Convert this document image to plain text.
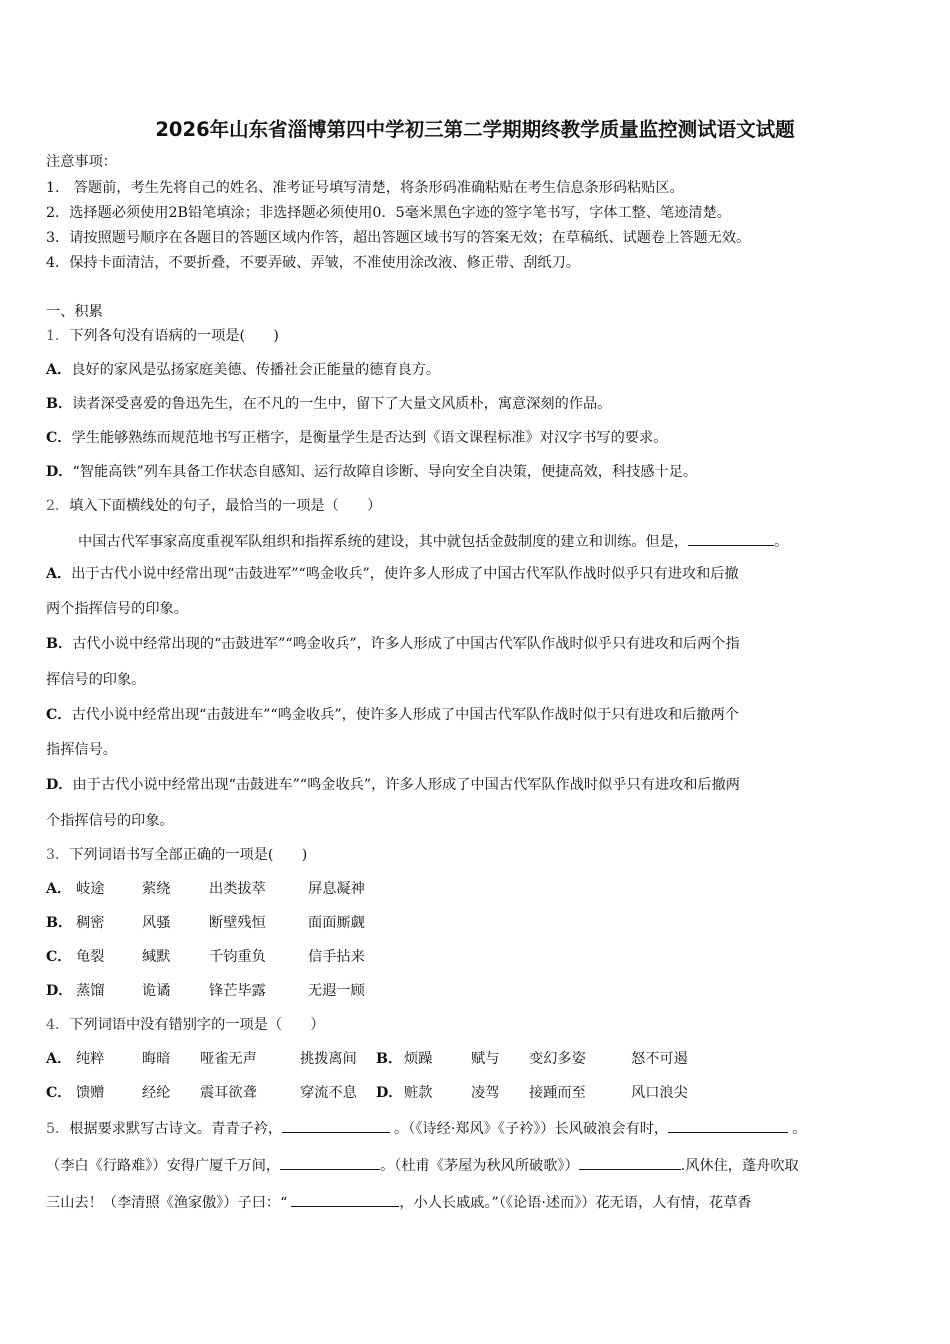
2026年山东省淄博第四中学初三第二学期期终教学质量监控测试语文试题
注意事项：
1.　答题前，考生先将自己的姓名、准考证号填写清楚，将条形码准确粘贴在考生信息条形码粘贴区。
2．选择题必须使用2B铅笔填涂；非选择题必须使用0．5毫米黑色字迹的签字笔书写，字体工整、笔迹清楚。
3．请按照题号顺序在各题目的答题区域内作答，超出答题区域书写的答案无效；在草稿纸、试题卷上答题无效。
4．保持卡面清洁，不要折叠，不要弄破、弄皱，不准使用涂改液、修正带、刮纸刀。
一、积累
1．下列各句没有语病的一项是(　　)
A．良好的家风是弘扬家庭美德、传播社会正能量的德育良方。
B．读者深受喜爱的鲁迅先生，在不凡的一生中，留下了大量文风质朴，寓意深刻的作品。
C．学生能够熟练而规范地书写正楷字，是衡量学生是否达到《语文课程标准》对汉字书写的要求。
D．“智能高铁”列车具备工作状态自感知、运行故障自诊断、导向安全自决策，便捷高效，科技感十足。
2．填入下面横线处的句子，最恰当的一项是（　　）
中国古代军事家高度重视军队组织和指挥系统的建设，其中就包括金鼓制度的建立和训练。但是，	。
A．出于古代小说中经常出现“击鼓进军”“鸣金收兵”，使许多人形成了中国古代军队作战时似乎只有进攻和后撤
两个指挥信号的印象。
B．古代小说中经常出现的“击鼓进军”“鸣金收兵”，许多人形成了中国古代军队作战时似乎只有进攻和后两个指
挥信号的印象。
C．古代小说中经常出现“击鼓进车”“鸣金收兵”，使许多人形成了中国古代军队作战时似于只有进攻和后撤两个
指挥信号。
D．由于古代小说中经常出现“击鼓进车”“鸣金收兵”，许多人形成了中国古代军队作战时似乎只有进攻和后撤两
个指挥信号的印象。
3．下列词语书写全部正确的一项是(　　)
A． 岐途	萦绕	出类拔萃	屏息凝神
B． 稠密	风骚	断壁残恒	面面厮觑
C． 龟裂	缄默	千钧重负	信手拈来
D． 蒸馏	诡谲	锋芒毕露	无遐一顾
4．下列词语中没有错别字的一项是（　　）
A． 纯粹	晦暗 哑雀无声	挑拨离间 B． 烦躁	赋与 变幻多姿	怒不可遏
C． 馈赠	经纶 震耳欲聋	穿流不息 D． 赃款	凌驾 接踵而至	风口浪尖
5．根据要求默写古诗文。青青子衿，	。（《诗经·郑风》《子衿》）长风破浪会有时，	。
（李白《行路难》）安得广厦千万间，	。（杜甫《茅屋为秋风所破歌》）	.风休住，蓬舟吹取
三山去！（李清照《渔家傲》）子曰：“	，小人长戚戚。”（《论语·述而》）花无语，人有情，花草香
